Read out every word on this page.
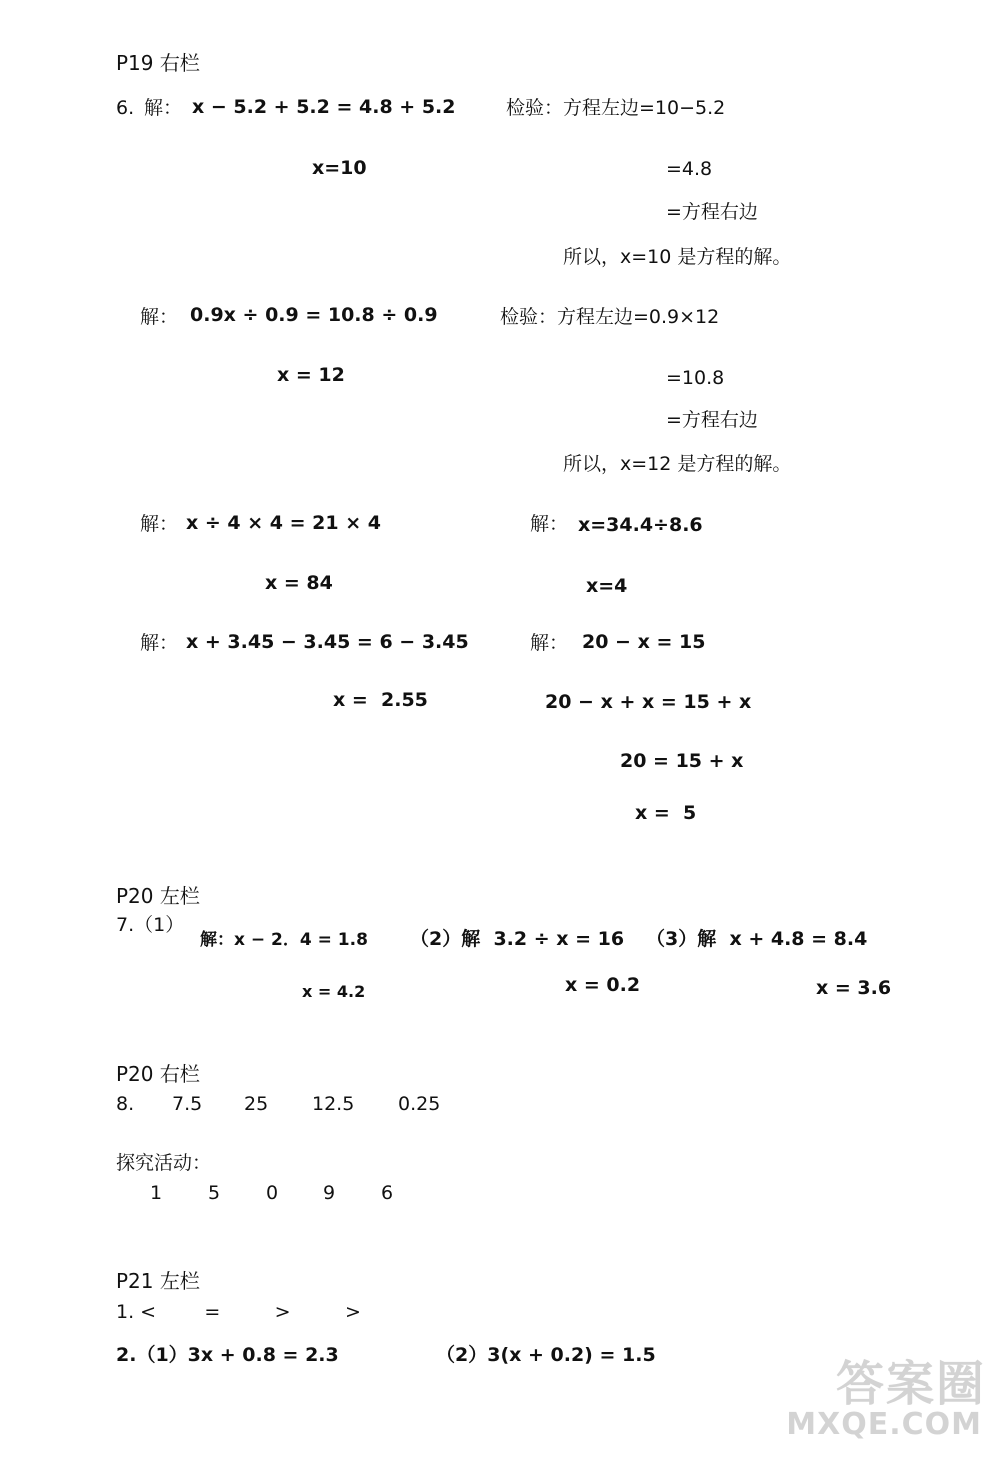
P19 右栏
6. 解： x − 5.2 + 5.2 = 4.8 + 5.2
x=10
检验：方程左边=10−5.2
=4.8
=方程右边
所以，x=10 是方程的解。
解： 0.9x ÷ 0.9 = 10.8 ÷ 0.9
x = 12
检验：方程左边=0.9×12
=10.8
=方程右边
所以，x=12 是方程的解。
解： x ÷ 4 × 4 = 21 × 4
x = 84
解： x=34.4÷8.6
x=4
解： x + 3.45 − 3.45 = 6 − 3.45
x =  2.55
解： 20 − x = 15
20 − x + x = 15 + x
20 = 15 + x
x =  5
P20 左栏
7.（1）
解：x − 2．4 = 1.8
x = 4.2
（2）解  3.2 ÷ x = 16
x = 0.2
（3）解  x + 4.8 = 8.4
x = 3.6
P20 右栏
8. 7.5 25 12.5 0.25
探究活动：
1 5 0 9 6
P21 左栏
1. <        =         >         >
2.（1）3x + 0.8 = 2.3	（2）3(x + 0.2) = 1.5
答案圈
MXQE.COM
